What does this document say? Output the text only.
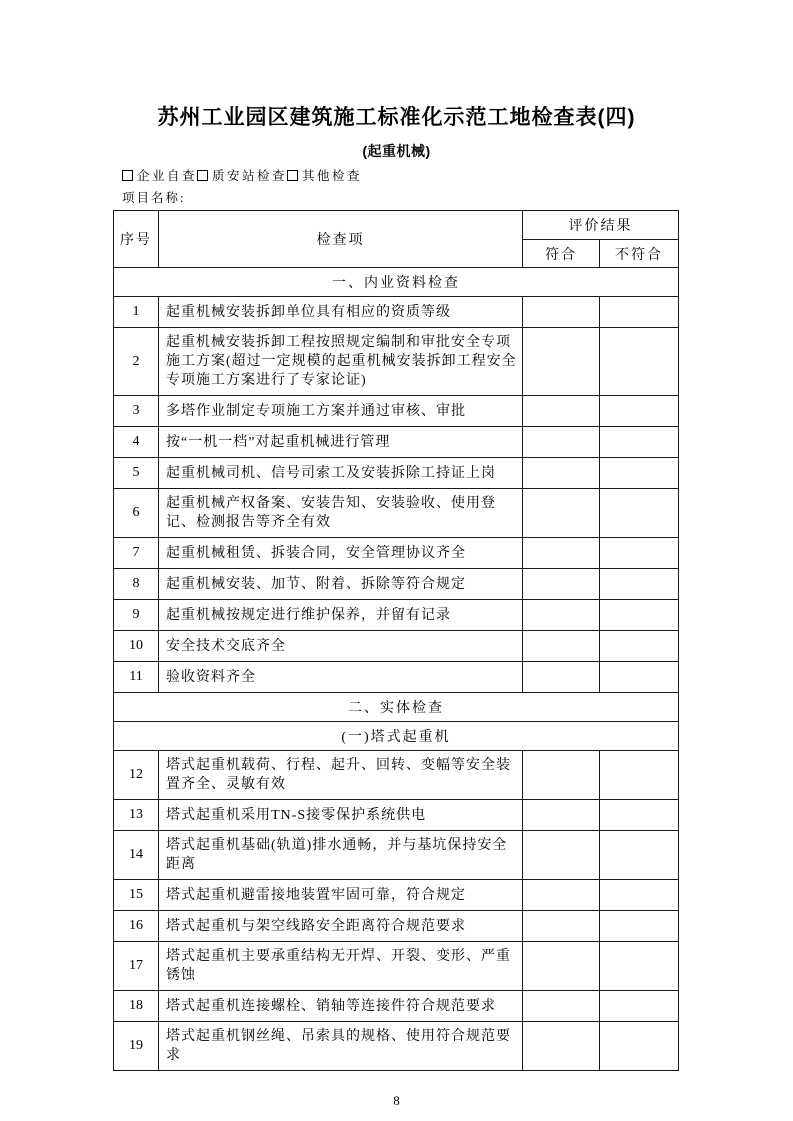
苏州工业园区建筑施工标准化示范工地检查表(四)
(起重机械)
企业自查 质安站检查 其他检查
项目名称:
序号	检查项	评价结果	
		符合	不符合
一、内业资料检查			
1	起重机械安装拆卸单位具有相应的资质等级		
2	起重机械安装拆卸工程按照规定编制和审批安全专项施工方案(超过一定规模的起重机械安装拆卸工程安全专项施工方案进行了专家论证)		
3	多塔作业制定专项施工方案并通过审核、审批		
4	按“一机一档”对起重机械进行管理		
5	起重机械司机、信号司索工及安装拆除工持证上岗		
6	起重机械产权备案、安装告知、安装验收、使用登记、检测报告等齐全有效		
7	起重机械租赁、拆装合同，安全管理协议齐全		
8	起重机械安装、加节、附着、拆除等符合规定		
9	起重机械按规定进行维护保养，并留有记录		
10	安全技术交底齐全		
11	验收资料齐全		
二、实体检查			
(一)塔式起重机			
12	塔式起重机载荷、行程、起升、回转、变幅等安全装置齐全、灵敏有效		
13	塔式起重机采用TN-S接零保护系统供电		
14	塔式起重机基础(轨道)排水通畅，并与基坑保持安全距离		
15	塔式起重机避雷接地装置牢固可靠，符合规定		
16	塔式起重机与架空线路安全距离符合规范要求		
17	塔式起重机主要承重结构无开焊、开裂、变形、严重锈蚀		
18	塔式起重机连接螺栓、销轴等连接件符合规范要求		
19	塔式起重机钢丝绳、吊索具的规格、使用符合规范要求		
8
